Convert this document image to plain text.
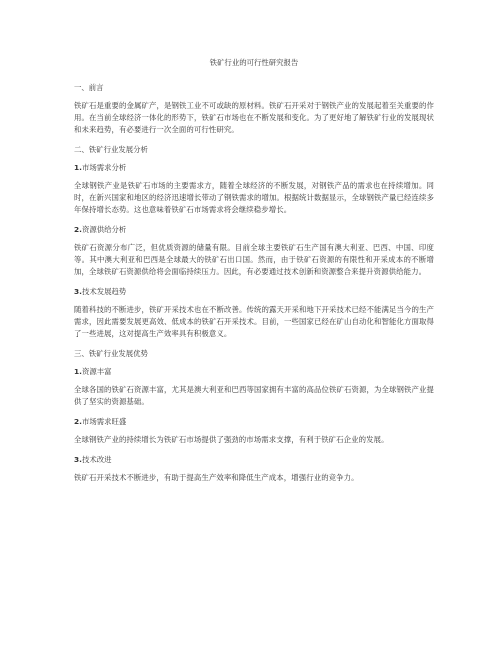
铁矿行业的可行性研究报告
一、前言
铁矿石是重要的金属矿产，是钢铁工业不可或缺的原材料。铁矿石开采对于钢铁产业的发展起着至关重要的作用。在当前全球经济一体化的形势下，铁矿石市场也在不断发展和变化。为了更好地了解铁矿行业的发展现状和未来趋势，有必要进行一次全面的可行性研究。
二、铁矿行业发展分析
1.市场需求分析
全球钢铁产业是铁矿石市场的主要需求方，随着全球经济的不断发展，对钢铁产品的需求也在持续增加。同时，在新兴国家和地区的经济迅速增长带动了钢铁需求的增加。根据统计数据显示，全球钢铁产量已经连续多年保持增长态势。这也意味着铁矿石市场需求将会继续稳步增长。
2.资源供给分析
铁矿石资源分布广泛，但优质资源的储量有限。目前全球主要铁矿石生产国有澳大利亚、巴西、中国、印度等。其中澳大利亚和巴西是全球最大的铁矿石出口国。然而，由于铁矿石资源的有限性和开采成本的不断增加，全球铁矿石资源供给将会面临持续压力。因此，有必要通过技术创新和资源整合来提升资源供给能力。
3.技术发展趋势
随着科技的不断进步，铁矿开采技术也在不断改善。传统的露天开采和地下开采技术已经不能满足当今的生产需求，因此需要发展更高效、低成本的铁矿石开采技术。目前，一些国家已经在矿山自动化和智能化方面取得了一些进展，这对提高生产效率具有积极意义。
三、铁矿行业发展优势
1.资源丰富
全球各国的铁矿石资源丰富，尤其是澳大利亚和巴西等国家拥有丰富的高品位铁矿石资源，为全球钢铁产业提供了坚实的资源基础。
2.市场需求旺盛
全球钢铁产业的持续增长为铁矿石市场提供了强劲的市场需求支撑，有利于铁矿石企业的发展。
3.技术改进
铁矿石开采技术不断进步，有助于提高生产效率和降低生产成本，增强行业的竞争力。
